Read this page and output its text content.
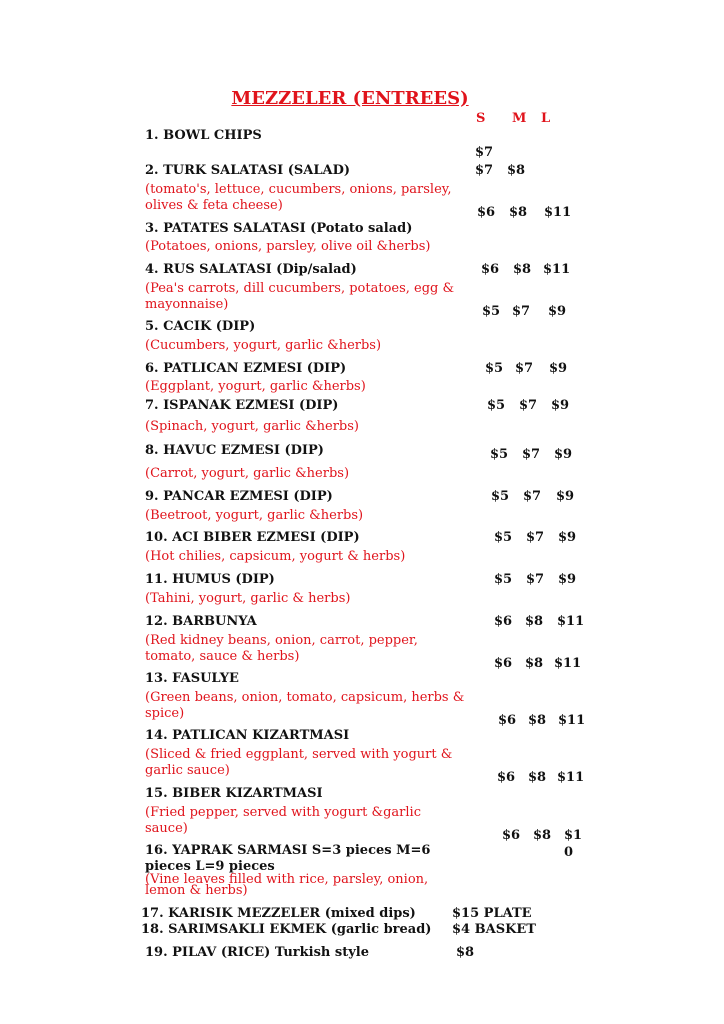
MEZZELER (ENTREES)
S M L
1. BOWL CHIPS
2. TURK SALATASI (SALAD)
(tomato's, lettuce, cucumbers, onions, parsley, olives & feta cheese)
3. PATATES SALATASI (Potato salad)
(Potatoes, onions, parsley, olive oil &herbs)
4. RUS SALATASI (Dip/salad)
(Pea's carrots, dill cucumbers, potatoes, egg & mayonnaise)
5. CACIK (DIP)
(Cucumbers, yogurt, garlic &herbs)
6. PATLICAN EZMESI (DIP)
(Eggplant, yogurt, garlic &herbs)
7. ISPANAK EZMESI (DIP)
(Spinach, yogurt, garlic &herbs)
8. HAVUC EZMESI (DIP)
(Carrot, yogurt, garlic &herbs)
9. PANCAR EZMESI (DIP)
(Beetroot, yogurt, garlic &herbs)
10. ACI BIBER EZMESI (DIP)
(Hot chilies, capsicum, yogurt & herbs)
11. HUMUS (DIP)
(Tahini, yogurt, garlic & herbs)
12. BARBUNYA
(Red kidney beans, onion, carrot, pepper, tomato, sauce & herbs)
13. FASULYE
(Green beans, onion, tomato, capsicum, herbs & spice)
14. PATLICAN KIZARTMASI
(Sliced & fried eggplant, served with yogurt & garlic sauce)
15. BIBER KIZARTMASI
(Fried pepper, served with yogurt &garlic sauce)
16. YAPRAK SARMASI S=3 pieces M=6 pieces L=9 pieces
(Vine leaves filled with rice, parsley, onion, lemon & herbs)
17. KARISIK MEZZELER (mixed dips)	$15 PLATE
18. SARIMSAKLI EKMEK (garlic bread) $4 BASKET
19. PILAV (RICE) Turkish style	$8
$7
$7 $8
$6 $8 $11
$6 $8 $11
$5 $7 $9
$5 $7 $9
$5 $7 $9
$5 $7 $9
$5 $7 $9
$5 $7 $9
$5 $7 $9
$6 $8 $11
$6 $8 $11
$6 $8 $11
$6 $8 $11
$6 $8 $1
0
